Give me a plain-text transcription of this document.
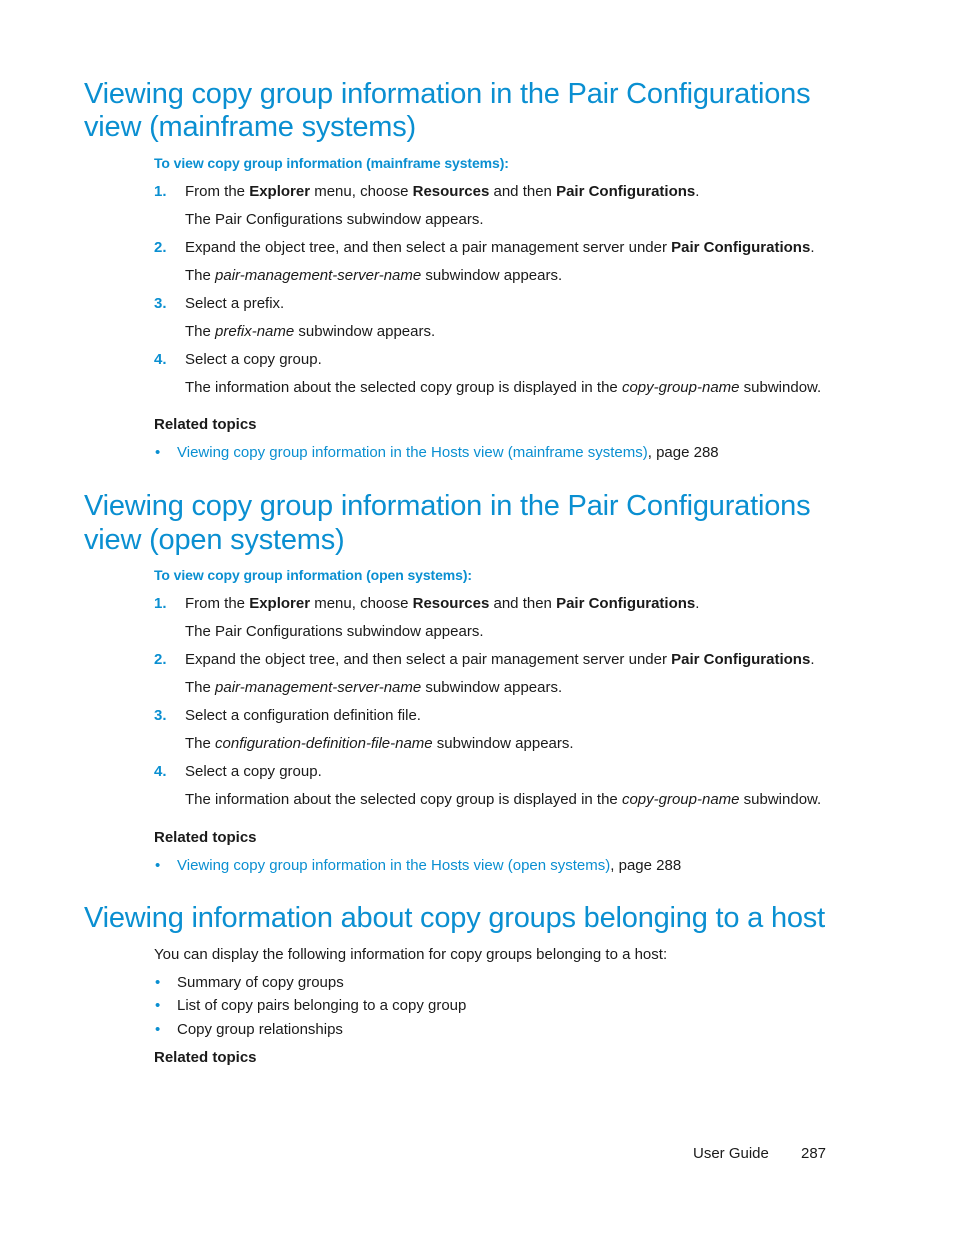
Viewing copy group information in the Pair Configurations
view (mainframe systems)
To view copy group information (mainframe systems):
1. From the Explorer menu, choose Resources and then Pair Configurations.
The Pair Configurations subwindow appears.
2. Expand the object tree, and then select a pair management server under Pair Configurations.
The pair-management-server-name subwindow appears.
3. Select a prefix.
The prefix-name subwindow appears.
4. Select a copy group.
The information about the selected copy group is displayed in the copy-group-name subwindow.
Related topics
• Viewing copy group information in the Hosts view (mainframe systems), page 288
Viewing copy group information in the Pair Configurations
view (open systems)
To view copy group information (open systems):
1. From the Explorer menu, choose Resources and then Pair Configurations.
The Pair Configurations subwindow appears.
2. Expand the object tree, and then select a pair management server under Pair Configurations.
The pair-management-server-name subwindow appears.
3. Select a configuration definition file.
The configuration-definition-file-name subwindow appears.
4. Select a copy group.
The information about the selected copy group is displayed in the copy-group-name subwindow.
Related topics
• Viewing copy group information in the Hosts view (open systems), page 288
Viewing information about copy groups belonging to a host
You can display the following information for copy groups belonging to a host:
• Summary of copy groups
• List of copy pairs belonging to a copy group
• Copy group relationships
Related topics
User Guide 287
